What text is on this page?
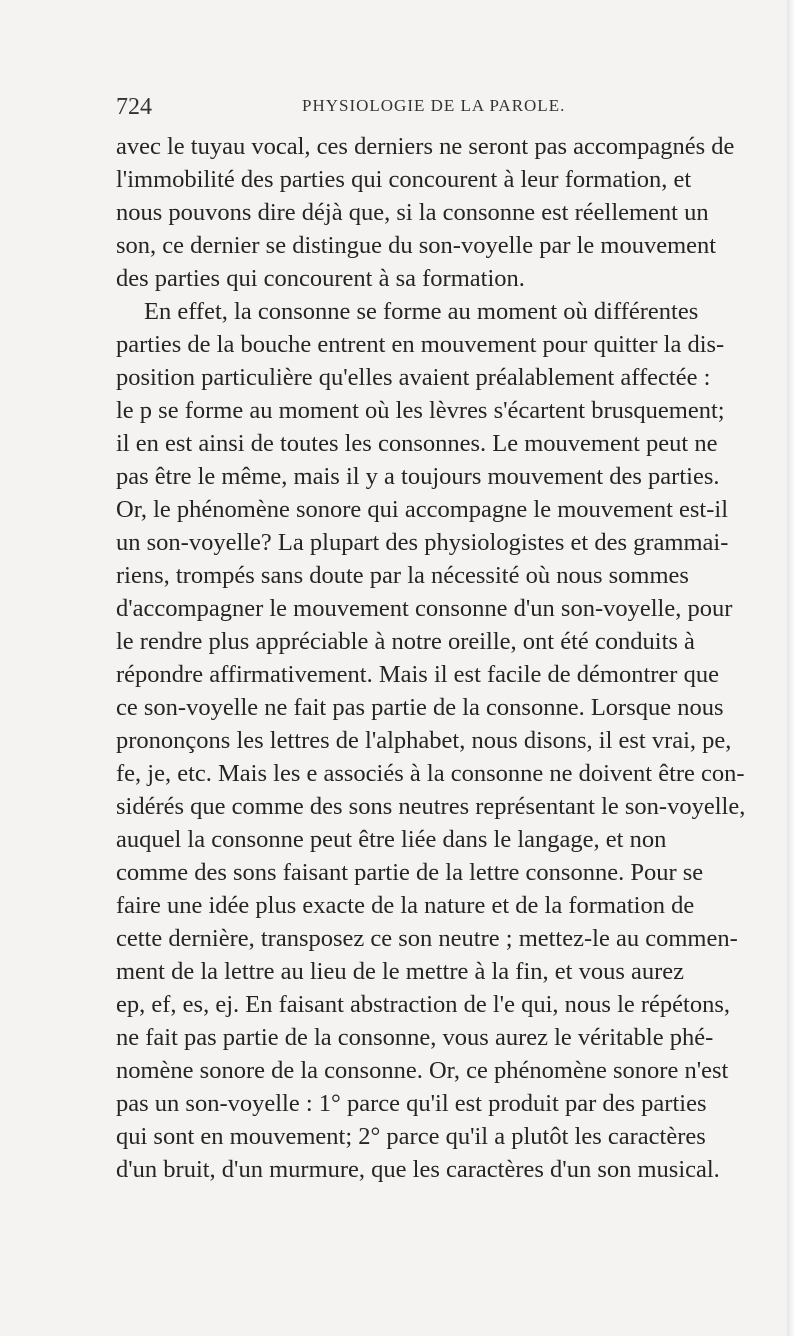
724	PHYSIOLOGIE DE LA PAROLE.
avec le tuyau vocal, ces derniers ne seront pas accompagnés de
l'immobilité des parties qui concourent à leur formation, et
nous pouvons dire déjà que, si la consonne est réellement un
son, ce dernier se distingue du son-voyelle par le mouvement
des parties qui concourent à sa formation.
En effet, la consonne se forme au moment où différentes
parties de la bouche entrent en mouvement pour quitter la dis-
position particulière qu'elles avaient préalablement affectée :
le p se forme au moment où les lèvres s'écartent brusquement;
il en est ainsi de toutes les consonnes. Le mouvement peut ne
pas être le même, mais il y a toujours mouvement des parties.
Or, le phénomène sonore qui accompagne le mouvement est-il
un son-voyelle? La plupart des physiologistes et des grammai-
riens, trompés sans doute par la nécessité où nous sommes
d'accompagner le mouvement consonne d'un son-voyelle, pour
le rendre plus appréciable à notre oreille, ont été conduits à
répondre affirmativement. Mais il est facile de démontrer que
ce son-voyelle ne fait pas partie de la consonne. Lorsque nous
prononçons les lettres de l'alphabet, nous disons, il est vrai, pe,
fe, je, etc. Mais les e associés à la consonne ne doivent être con-
sidérés que comme des sons neutres représentant le son-voyelle,
auquel la consonne peut être liée dans le langage, et non
comme des sons faisant partie de la lettre consonne. Pour se
faire une idée plus exacte de la nature et de la formation de
cette dernière, transposez ce son neutre ; mettez-le au commen-
ment de la lettre au lieu de le mettre à la fin, et vous aurez
ep, ef, es, ej. En faisant abstraction de l'e qui, nous le répétons,
ne fait pas partie de la consonne, vous aurez le véritable phé-
nomène sonore de la consonne. Or, ce phénomène sonore n'est
pas un son-voyelle : 1° parce qu'il est produit par des parties
qui sont en mouvement; 2° parce qu'il a plutôt les caractères
d'un bruit, d'un murmure, que les caractères d'un son musical.
